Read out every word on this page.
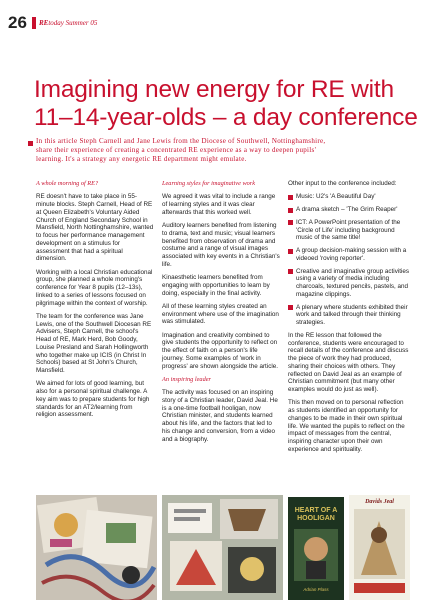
26 REtoday Summer 05
Imagining new energy for RE with 11–14-year-olds – a day conference

In this article Steph Carnell and Jane Lewis from the Diocese of Southwell, Nottinghamshire, share their experience of creating a concentrated RE experience as a way to deepen pupils' learning. It's a strategy any energetic RE department might emulate.

A whole morning of RE?

RE doesn't have to take place in 55-minute blocks. Steph Carnell, Head of RE at Queen Elizabeth's Voluntary Aided Church of England Secondary School in Mansfield, North Nottinghamshire, wanted to focus her performance management development on a stimulus for assessment that had a spiritual dimension.

Working with a local Christian educational group, she planned a whole morning's conference for Year 8 pupils (12–13s), linked to a series of lessons focused on pilgrimage within the context of worship.

The team for the conference was Jane Lewis, one of the Southwell Diocesan RE Advisers, Steph Carnell, the school's Head of RE, Mark Herd, Bob Goody, Louise Presland and Sarah Hollingworth who together make up ICIS (in Christ In Schools) based at St John's Church, Mansfield.

We aimed for lots of good learning, but also for a personal spiritual challenge. A key aim was to prepare students for high standards for an AT2/learning from religion assessment.

Learning styles for imaginative work

We agreed it was vital to include a range of learning styles and it was clear afterwards that this worked well.

Auditory learners benefited from listening to drama, text and music; visual learners benefited from observation of drama and costume and a range of visual images associated with key events in a Christian's life.

Kinaesthetic learners benefited from engaging with opportunities to learn by doing, especially in the final activity.

All of these learning styles created an environment where use of the imagination was stimulated.

Imagination and creativity combined to give students the opportunity to reflect on the effect of faith on a person's life journey. Some examples of 'work in progress' are shown alongside the article.

An inspiring leader

The activity was focused on an inspiring story of a Christian leader, David Jeal. He is a one-time football hooligan, now Christian minister, and students learned about his life, and the factors that led to his change and conversion, from a video and a biography.

Other input to the conference included:

Music: U2's 'A Beautiful Day'
A drama sketch – 'The Grim Reaper'
ICT: A PowerPoint presentation of the 'Circle of Life' including background music of the same title!
A group decision-making session with a videoed 'roving reporter'.
Creative and imaginative group activities using a variety of media including charcoals, textured pencils, pastels, and magazine clippings.
A plenary where students exhibited their work and talked through their thinking strategies.

In the RE lesson that followed the conference, students were encouraged to recall details of the conference and discuss the piece of work they had produced, sharing their choices with others. They reflected on David Jeal as an example of Christian commitment (but many other examples would do just as well).

This then moved on to personal reflection as students identified an opportunity for changes to be made in their own spiritual life. We wanted the pupils to reflect on the impact of messages from the central, inspiring character upon their own experience and spirituality.

HEART OF A HOOLIGAN
Adrian Plass
Davids Jeal
